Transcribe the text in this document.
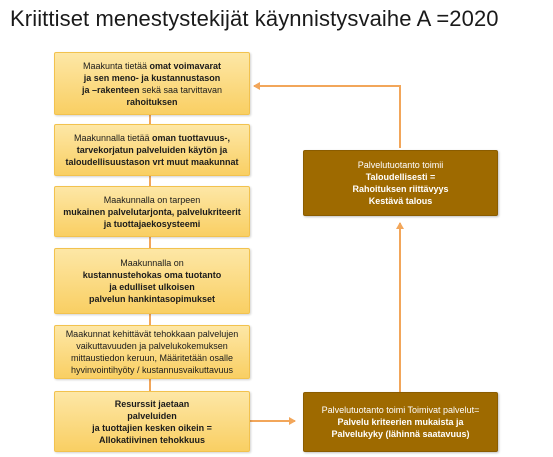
Kriittiset menestystekijät käynnistysvaihe A =2020
Maakunta tietää omat voimavarat
ja sen meno- ja kustannustason
ja –rakenteen sekä saa tarvittavan
rahoituksen
Maakunnalla tietää oman tuottavuus-,
tarvekorjatun palveluiden käytön ja
taloudellisuustason vrt muut maakunnat
Maakunnalla on tarpeen
mukainen palvelutarjonta, palvelukriteerit
ja tuottajaekosysteemi
Maakunnalla on
kustannustehokas oma tuotanto
ja edulliset ulkoisen
palvelun hankintasopimukset
Maakunnat kehittävät tehokkaan palvelujen
vaikuttavuuden ja palvelukokemuksen
mittaustiedon keruun, Määritetään osalle
hyvinvointihyöty / kustannusvaikuttavuus
Resurssit jaetaan
palveluiden
ja tuottajien kesken oikein =
Allokatiivinen tehokkuus
Palvelutuotanto toimii
Taloudellisesti =
Rahoituksen riittävyys
Kestävä talous
Palvelutuotanto toimi Toimivat palvelut=
Palvelu kriteerien mukaista ja
Palvelukyky (lähinnä saatavuus)
